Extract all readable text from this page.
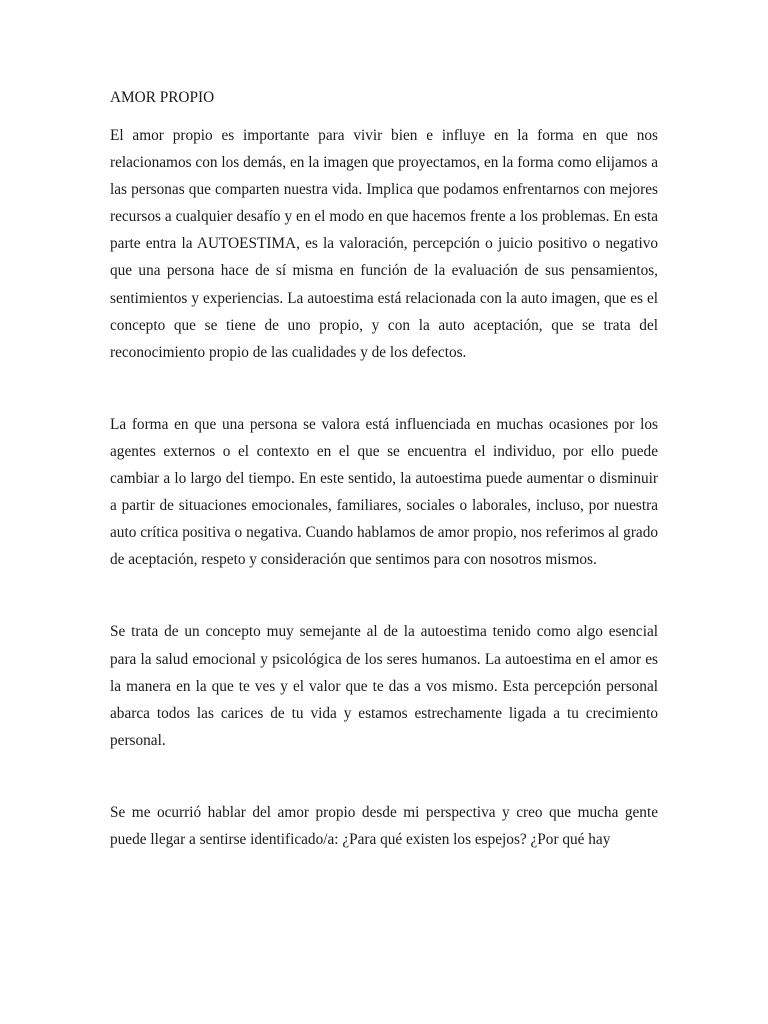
AMOR PROPIO

El amor propio es importante para vivir bien e influye en la forma en que nos relacionamos con los demás, en la imagen que proyectamos, en la forma como elijamos a las personas que comparten nuestra vida. Implica que podamos enfrentarnos con mejores recursos a cualquier desafío y en el modo en que hacemos frente a los problemas. En esta parte entra la AUTOESTIMA, es la valoración, percepción o juicio positivo o negativo que una persona hace de sí misma en función de la evaluación de sus pensamientos, sentimientos y experiencias. La autoestima está relacionada con la auto imagen, que es el concepto que se tiene de uno propio, y con la auto aceptación, que se trata del reconocimiento propio de las cualidades y de los defectos.

La forma en que una persona se valora está influenciada en muchas ocasiones por los agentes externos o el contexto en el que se encuentra el individuo, por ello puede cambiar a lo largo del tiempo. En este sentido, la autoestima puede aumentar o disminuir a partir de situaciones emocionales, familiares, sociales o laborales, incluso, por nuestra auto crítica positiva o negativa. Cuando hablamos de amor propio, nos referimos al grado de aceptación, respeto y consideración que sentimos para con nosotros mismos.

Se trata de un concepto muy semejante al de la autoestima tenido como algo esencial para la salud emocional y psicológica de los seres humanos. La autoestima en el amor es la manera en la que te ves y el valor que te das a vos mismo. Esta percepción personal abarca todos las carices de tu vida y estamos estrechamente ligada a tu crecimiento personal.

Se me ocurrió hablar del amor propio desde mi perspectiva y creo que mucha gente puede llegar a sentirse identificado/a: ¿Para qué existen los espejos? ¿Por qué hay
